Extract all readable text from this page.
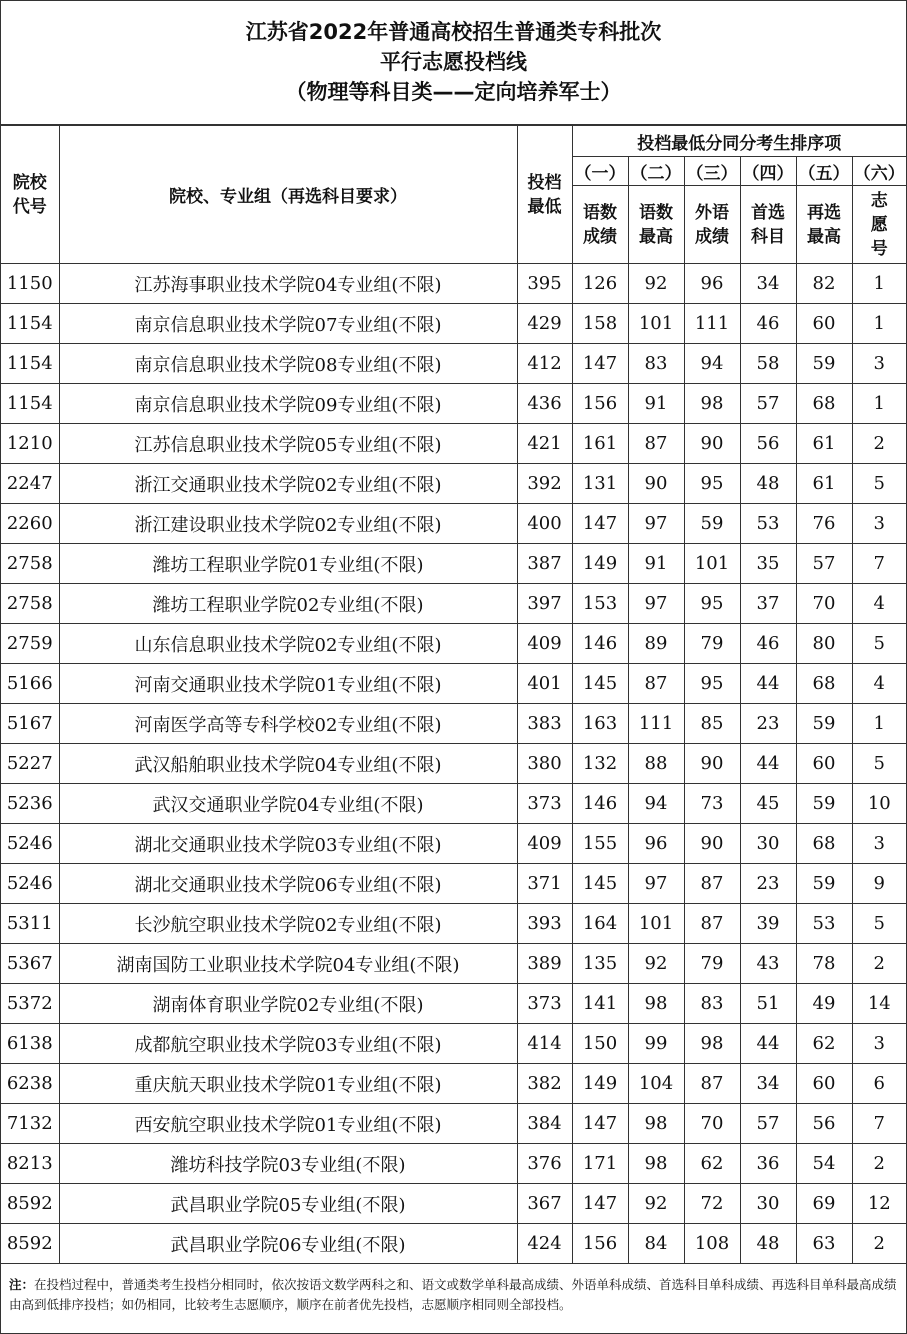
江苏省2022年普通高校招生普通类专科批次
平行志愿投档线
（物理等科目类——定向培养军士）
院校代号	院校、专业组（再选科目要求）	投档最低	投档最低分同分考生排序项					
			（一）	（二）	（三）	（四）	（五）	（六）

			语数成绩	语数最高	外语成绩	首选科目	再选最高	志愿号

1150	江苏海事职业技术学院04专业组(不限)	395	126	92	96	34	82	1
1154	南京信息职业技术学院07专业组(不限)	429	158	101	111	46	60	1
1154	南京信息职业技术学院08专业组(不限)	412	147	83	94	58	59	3
1154	南京信息职业技术学院09专业组(不限)	436	156	91	98	57	68	1
1210	江苏信息职业技术学院05专业组(不限)	421	161	87	90	56	61	2
2247	浙江交通职业技术学院02专业组(不限)	392	131	90	95	48	61	5
2260	浙江建设职业技术学院02专业组(不限)	400	147	97	59	53	76	3
2758	潍坊工程职业学院01专业组(不限)	387	149	91	101	35	57	7
2758	潍坊工程职业学院02专业组(不限)	397	153	97	95	37	70	4
2759	山东信息职业技术学院02专业组(不限)	409	146	89	79	46	80	5
5166	河南交通职业技术学院01专业组(不限)	401	145	87	95	44	68	4
5167	河南医学高等专科学校02专业组(不限)	383	163	111	85	23	59	1
5227	武汉船舶职业技术学院04专业组(不限)	380	132	88	90	44	60	5
5236	武汉交通职业学院04专业组(不限)	373	146	94	73	45	59	10
5246	湖北交通职业技术学院03专业组(不限)	409	155	96	90	30	68	3
5246	湖北交通职业技术学院06专业组(不限)	371	145	97	87	23	59	9
5311	长沙航空职业技术学院02专业组(不限)	393	164	101	87	39	53	5
5367	湖南国防工业职业技术学院04专业组(不限)	389	135	92	79	43	78	2
5372	湖南体育职业学院02专业组(不限)	373	141	98	83	51	49	14
6138	成都航空职业技术学院03专业组(不限)	414	150	99	98	44	62	3
6238	重庆航天职业技术学院01专业组(不限)	382	149	104	87	34	60	6
7132	西安航空职业技术学院01专业组(不限)	384	147	98	70	57	56	7
8213	潍坊科技学院03专业组(不限)	376	171	98	62	36	54	2
8592	武昌职业学院05专业组(不限)	367	147	92	72	30	69	12
8592	武昌职业学院06专业组(不限)	424	156	84	108	48	63	2
注：在投档过程中，普通类考生投档分相同时，依次按语文数学两科之和、语文或数学单科最高成绩、外语单科成绩、首选科目单科成绩、再选科目单科最高成绩由高到低排序投档；如仍相同，比较考生志愿顺序，顺序在前者优先投档，志愿顺序相同则全部投档。
